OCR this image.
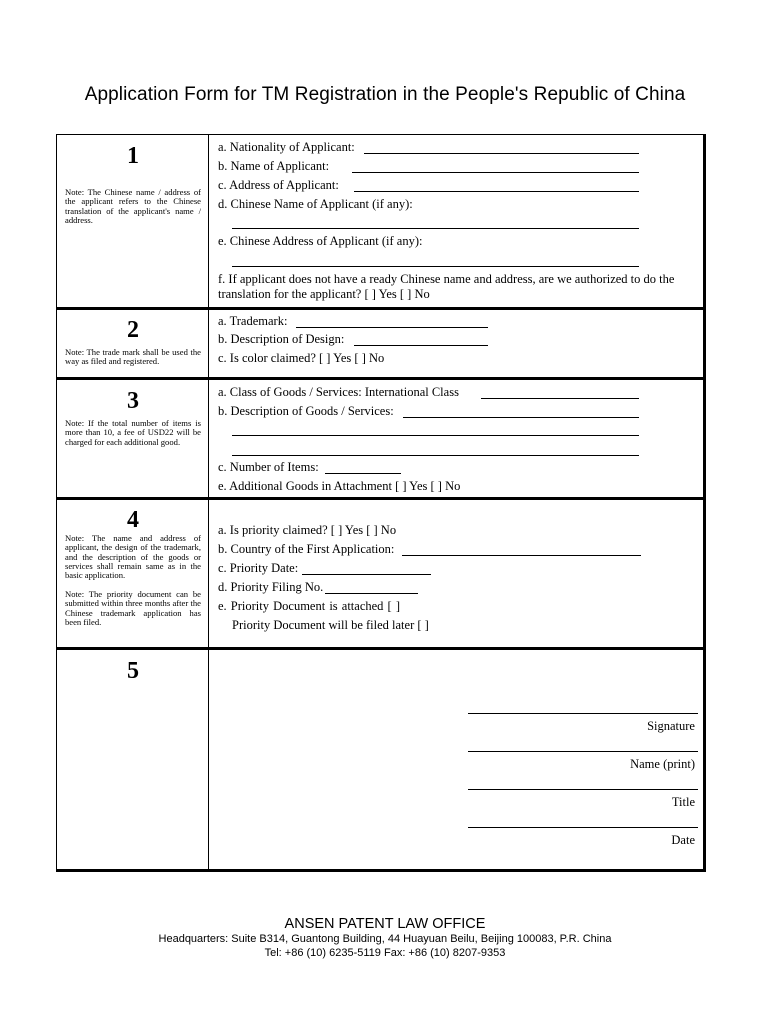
Application Form for TM Registration in the People's Republic of China
1
Note: The Chinese name / address of the applicant refers to the Chinese translation of the applicant's name / address.
a. Nationality of Applicant:
b. Name of Applicant:
c. Address of Applicant:
d. Chinese Name of Applicant (if any):
e. Chinese Address of Applicant (if any):
f. If applicant does not have a ready Chinese name and address, are we authorized to do the
translation for the applicant? [ ] Yes [ ] No
2
Note: The trade mark shall be used the way as filed and registered.
a. Trademark:
b. Description of Design:
c. Is color claimed? [ ] Yes [ ] No
3
Note: If the total number of items is more than 10, a fee of USD22 will be charged for each additional good.
a. Class of Goods / Services: International Class
b. Description of Goods / Services:
c. Number of Items:
e. Additional Goods in Attachment [ ] Yes [ ] No
4
Note: The name and address of applicant, the design of the trademark, and the description of the goods or services shall remain same as in the basic application.
Note: The priority document can be submitted within three months after the Chinese trademark application has been filed.
a. Is priority claimed? [ ] Yes [ ] No
b. Country of the First Application:
c. Priority Date:
d. Priority Filing No.
e. Priority Document is attached [ ]
Priority Document will be filed later [ ]
5
Signature
Name (print)
Title
Date
ANSEN PATENT LAW OFFICE
Headquarters: Suite B314, Guantong Building, 44 Huayuan Beilu, Beijing 100083, P.R. China
Tel: +86 (10) 6235-5119 Fax: +86 (10) 8207-9353
